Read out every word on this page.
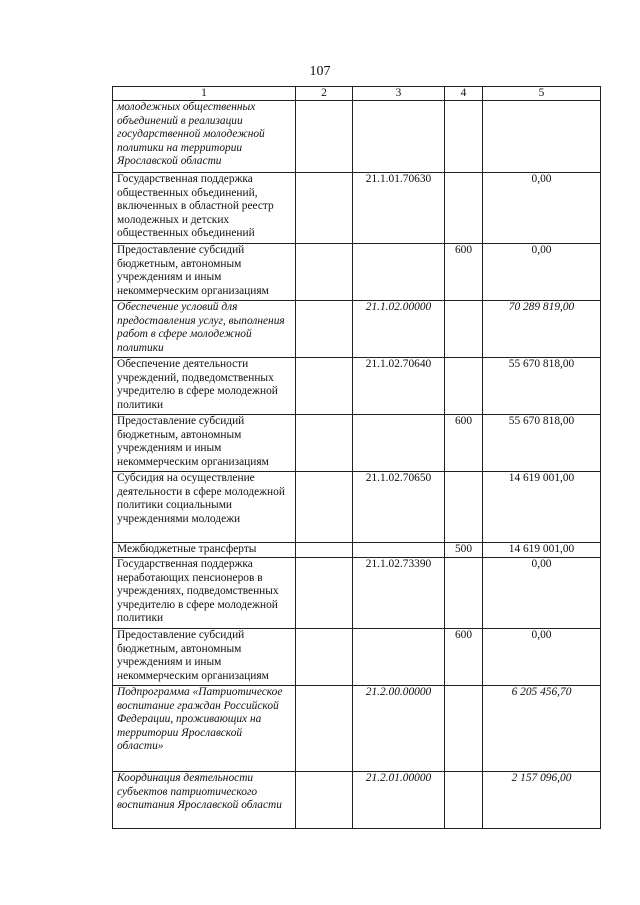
107
1	2	3	4	5
молодежных общественных объединений в реализации государственной молодежной политики на территории Ярославской области				
Государственная поддержка общественных объединений, включенных в областной реестр молодежных и детских общественных объединений		21.1.01.70630		0,00
Предоставление субсидий бюджетным, автономным учреждениям и иным некоммерческим организациям			600	0,00
Обеспечение условий для предоставления услуг, выполнения работ в сфере молодежной политики		21.1.02.00000		70 289 819,00
Обеспечение деятельности учреждений, подведомственных учредителю в сфере молодежной политики		21.1.02.70640		55 670 818,00
Предоставление субсидий бюджетным, автономным учреждениям и иным некоммерческим организациям			600	55 670 818,00
Субсидия на осуществление деятельности в сфере молодежной политики социальными учреждениями молодежи		21.1.02.70650		14 619 001,00
Межбюджетные трансферты			500	14 619 001,00
Государственная поддержка неработающих пенсионеров в учреждениях, подведомственных учредителю в сфере молодежной политики		21.1.02.73390		0,00
Предоставление субсидий бюджетным, автономным учреждениям и иным некоммерческим организациям			600	0,00
Подпрограмма «Патриотическое воспитание граждан Российской Федерации, проживающих на территории Ярославской области»		21.2.00.00000		6 205 456,70
Координация деятельности субъектов патриотического воспитания Ярославской области		21.2.01.00000		2 157 096,00
